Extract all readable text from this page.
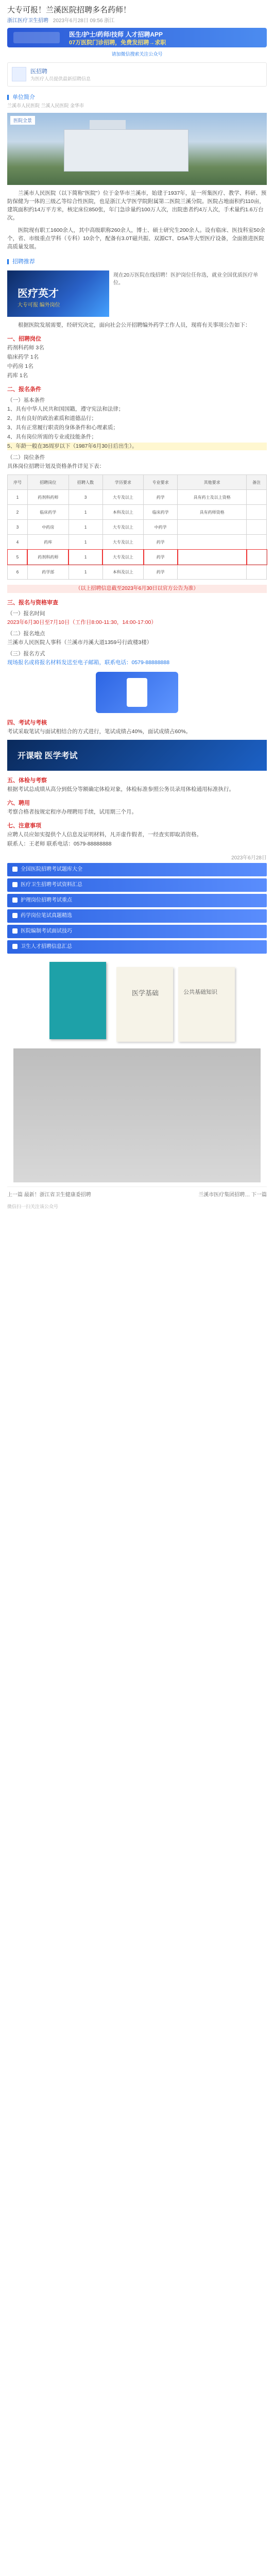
大专可报！兰溪医院招聘多名药师！
浙江医疗卫生招聘 2023年6月28日 09:56 浙江
医生/护士/药师/技师 人才招聘APP
07万医院门诊招聘，免费发招聘→求职
请加微信搜索关注公众号
医招聘
为医疗人员提供最新招聘信息
单位简介
兰溪市人民医院 兰溪人民医院 金华市
医院全景

兰溪市人民医院（以下简称"医院"）位于金华市兰溪市，始建于1937年，是一所集医疗、教学、科研、预防保健为一体的三级乙等综合性医院，也是浙江大学医学院附属第二医院兰溪分院。医院占地面积约110亩，建筑面积约14万平方米，核定床位850张，年门急诊量约100万人次，出院患者约4万人次，手术量约1.6万台次。

医院现有职工1600余人，其中高级职称260余人，博士、硕士研究生200余人。设有临床、医技科室50余个，省、市级重点学科（专科）10余个，配备有3.0T磁共振、双源CT、DSA等大型医疗设备，全面推进医院高质量发展。

招聘推荐
医疗英才
大专可报 编外岗位
现在20万医院在线招聘！医护岗位任你选，就业全国优质医疗单位。

根据医院发展需要，经研究决定，面向社会公开招聘编外药学工作人员，现将有关事项公告如下：

一、招聘岗位
药剂科药师 3名
临床药学 1名
中药房 1名
药库 1名
二、报名条件
（一）基本条件
1、具有中华人民共和国国籍，遵守宪法和法律；
2、具有良好的政治素质和道德品行；
3、具有正常履行职责的身体条件和心理素质；
4、具有岗位所需的专业或技能条件；
5、年龄一般在35周岁以下（1987年6月30日后出生）。
（二）岗位条件
具体岗位招聘计划及资格条件详见下表：
序号	招聘岗位	招聘人数	学历要求	专业要求	其他要求	备注
1	药剂科药师	3	大专及以上	药学	具有药士及以上资格	
2	临床药学	1	本科及以上	临床药学	具有药师资格	
3	中药房	1	大专及以上	中药学		
4	药库	1	大专及以上	药学		
5	药剂科药师	1	大专及以上	药学		
6	药学部	1	本科及以上	药学		
（以上招聘信息截至2023年6月30日以官方公告为准）
三、报名与资格审查
（一）报名时间
2023年6月30日至7月10日（工作日8:00-11:30，14:00-17:00）
（二）报名地点
兰溪市人民医院人事科（兰溪市丹溪大道1359号行政楼3楼）
（三）报名方式
现场报名或将报名材料发送至电子邮箱，联系电话：0579-88888888
四、考试与考核
考试采取笔试与面试相结合的方式进行，笔试成绩占40%，面试成绩占60%。
开课啦 医学考试
五、体检与考察
根据考试总成绩从高分到低分等额确定体检对象，体检标准参照公务员录用体检通用标准执行。
六、聘用
考察合格者按规定程序办理聘用手续，试用期三个月。
七、注意事项
应聘人员应如实提供个人信息及证明材料，凡弄虚作假者，一经查实即取消资格。
联系人：王老师 联系电话：0579-88888888
2023年6月28日
全国医院招聘考试题库大全
医疗卫生招聘考试资料汇总
护理岗位招聘考试重点
药学岗位笔试真题精选
医院编制考试面试技巧
卫生人才招聘信息汇总
医学基础	公共基础知识
上一篇 最新！浙江省卫生健康委招聘	兰溪市医疗集团招聘… 下一篇
微信扫一扫关注该公众号
